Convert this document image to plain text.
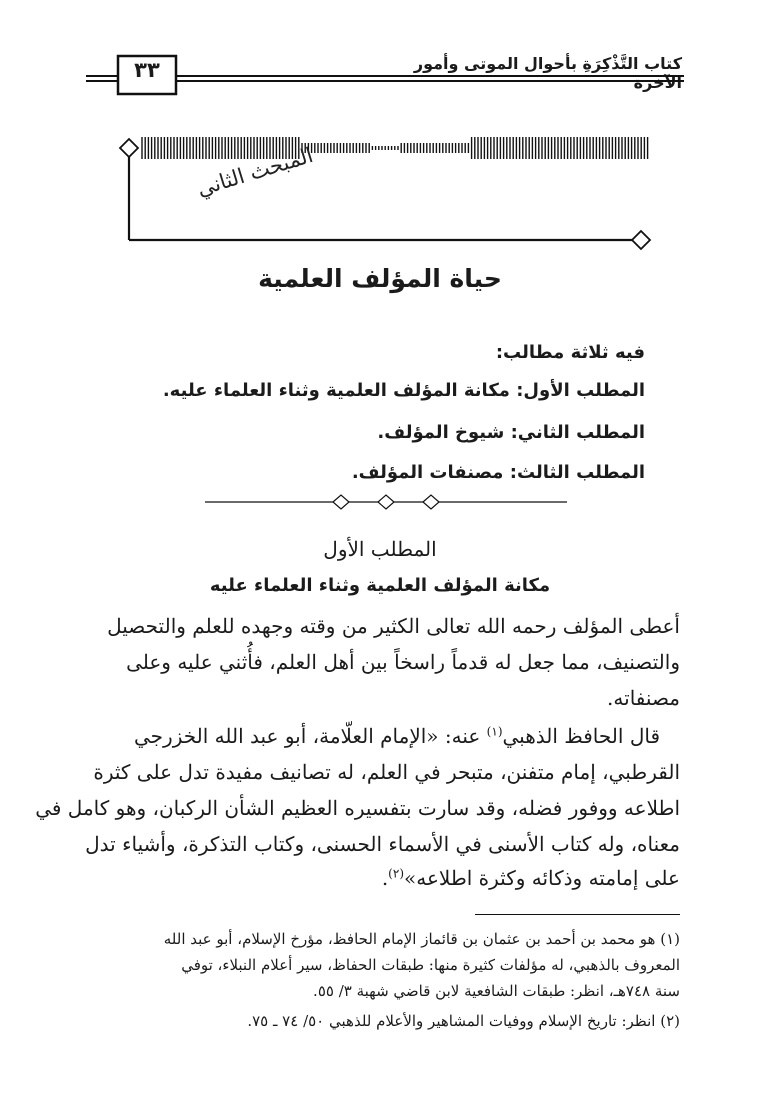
كتاب التَّذْكِرَةِ بأحوال الموتى وأمور الآخرة
٣٣
المبحث الثاني
حياة المؤلف العلمية
فيه ثلاثة مطالب:
المطلب الأول: مكانة المؤلف العلمية وثناء العلماء عليه.
المطلب الثاني: شيوخ المؤلف.
المطلب الثالث: مصنفات المؤلف.
المطلب الأول
مكانة المؤلف العلمية وثناء العلماء عليه
أعطى المؤلف رحمه الله تعالى الكثير من وقته وجهده للعلم والتحصيل
والتصنيف، مما جعل له قدماً راسخاً بين أهل العلم، فأُثني عليه وعلى
مصنفاته.
قال الحافظ الذهبي$^{(١)}$ عنه: «الإمام العلّامة، أبو عبد الله الخزرجي
القرطبي، إمام متفنن، متبحر في العلم، له تصانيف مفيدة تدل على كثرة
اطلاعه ووفور فضله، وقد سارت بتفسيره العظيم الشأن الركبان، وهو كامل في
معناه، وله كتاب الأسنى في الأسماء الحسنى، وكتاب التذكرة، وأشياء تدل
على إمامته وذكائه وكثرة اطلاعه»$^{(٢)}$.
(١) هو محمد بن أحمد بن عثمان بن قائماز الإمام الحافظ، مؤرخ الإسلام، أبو عبد الله
المعروف بالذهبي، له مؤلفات كثيرة منها: طبقات الحفاظ، سير أعلام النبلاء، توفي
سنة ٧٤٨هـ، انظر: طبقات الشافعية لابن قاضي شهبة ٣/ ٥٥.
(٢) انظر: تاريخ الإسلام ووفيات المشاهير والأعلام للذهبي ٥٠/ ٧٤ ـ ٧٥.
